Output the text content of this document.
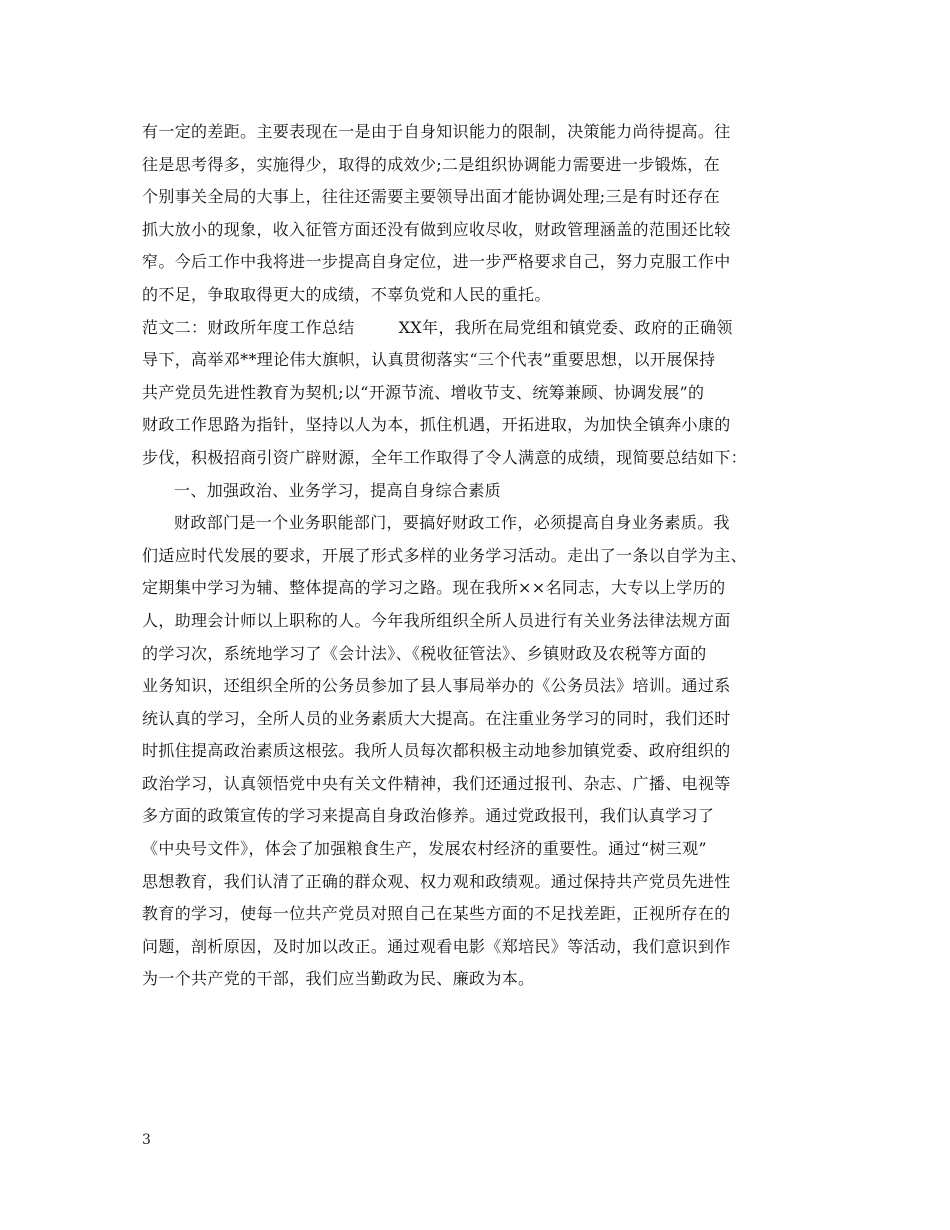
有一定的差距。主要表现在一是由于自身知识能力的限制，决策能力尚待提高。往
往是思考得多，实施得少，取得的成效少;二是组织协调能力需要进一步锻炼，在
个别事关全局的大事上，往往还需要主要领导出面才能协调处理;三是有时还存在
抓大放小的现象，收入征管方面还没有做到应收尽收，财政管理涵盖的范围还比较
窄。今后工作中我将进一步提高自身定位，进一步严格要求自己，努力克服工作中
的不足，争取取得更大的成绩，不辜负党和人民的重托。
范文二：财政所年度工作总结	XX年，我所在局党组和镇党委、政府的正确领
导下，高举邓**理论伟大旗帜，认真贯彻落实“三个代表”重要思想，以开展保持
共产党员先进性教育为契机;以“开源节流、增收节支、统筹兼顾、协调发展”的
财政工作思路为指针，坚持以人为本，抓住机遇，开拓进取，为加快全镇奔小康的
步伐，积极招商引资广辟财源，全年工作取得了令人满意的成绩，现简要总结如下：
一、加强政治、业务学习，提高自身综合素质
财政部门是一个业务职能部门，要搞好财政工作，必须提高自身业务素质。我
们适应时代发展的要求，开展了形式多样的业务学习活动。走出了一条以自学为主、
定期集中学习为辅、整体提高的学习之路。现在我所××名同志，大专以上学历的
人，助理会计师以上职称的人。今年我所组织全所人员进行有关业务法律法规方面
的学习次，系统地学习了《会计法》、《税收征管法》、乡镇财政及农税等方面的
业务知识，还组织全所的公务员参加了县人事局举办的《公务员法》培训。通过系
统认真的学习，全所人员的业务素质大大提高。在注重业务学习的同时，我们还时
时抓住提高政治素质这根弦。我所人员每次都积极主动地参加镇党委、政府组织的
政治学习，认真领悟党中央有关文件精神，我们还通过报刊、杂志、广播、电视等
多方面的政策宣传的学习来提高自身政治修养。通过党政报刊，我们认真学习了
《中央号文件》，体会了加强粮食生产，发展农村经济的重要性。通过“树三观”
思想教育，我们认清了正确的群众观、权力观和政绩观。通过保持共产党员先进性
教育的学习，使每一位共产党员对照自己在某些方面的不足找差距，正视所存在的
问题，剖析原因，及时加以改正。通过观看电影《郑培民》等活动，我们意识到作
为一个共产党的干部，我们应当勤政为民、廉政为本。
3
